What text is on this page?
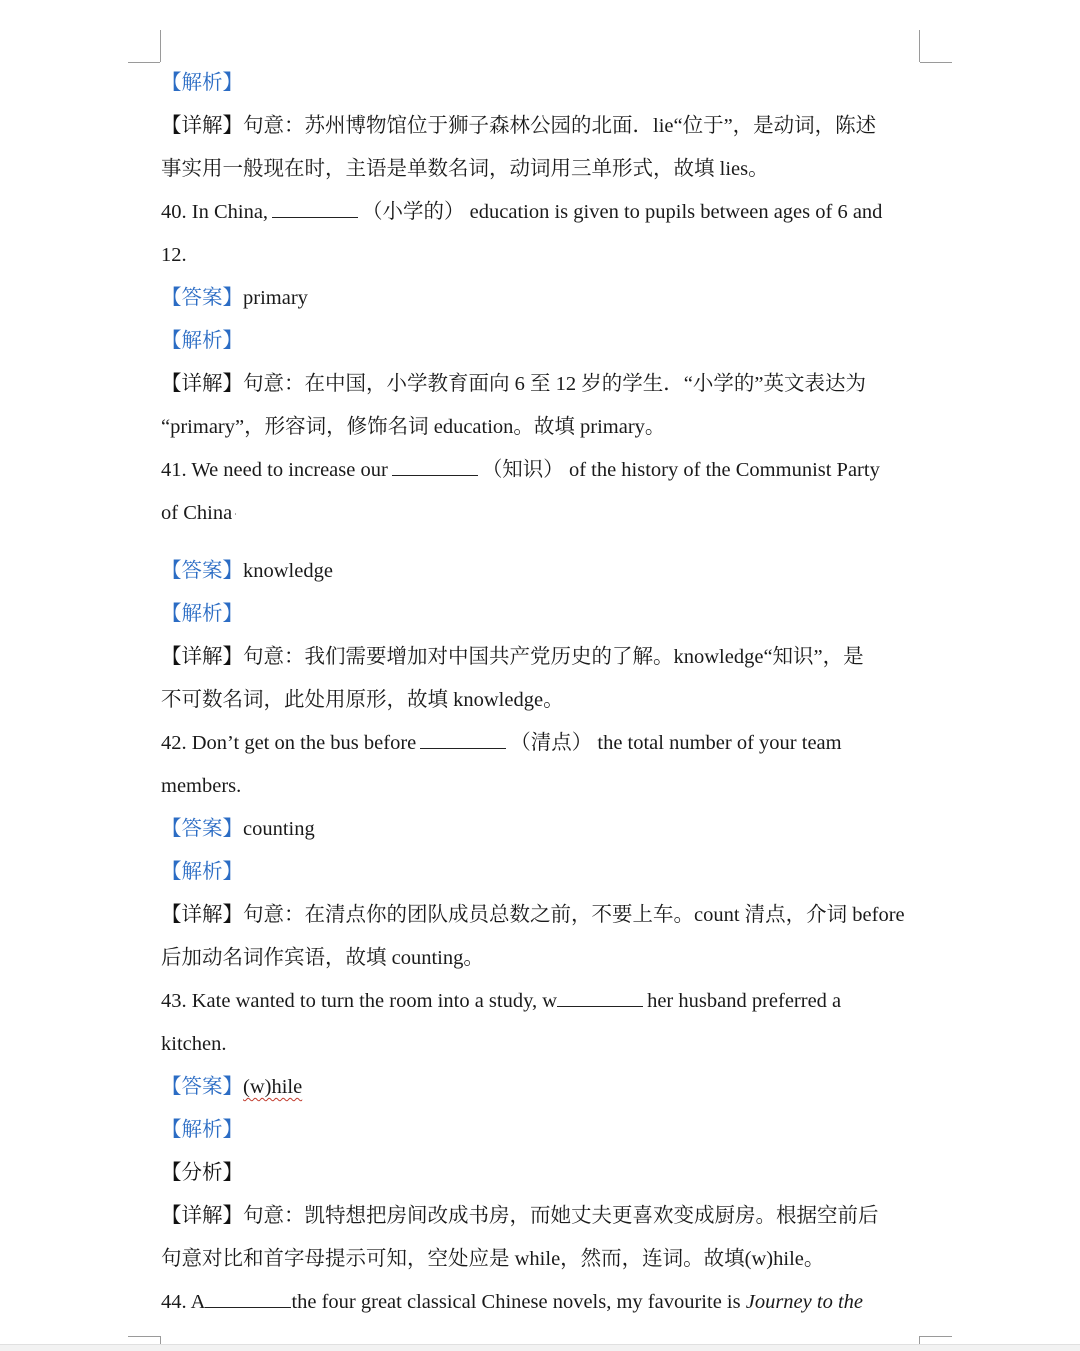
【解析】
【详解】句意：苏州博物馆位于狮子森林公园的北面．lie“位于”，是动词，陈述
事实用一般现在时，主语是单数名词，动词用三单形式，故填 lies。
40. In China,	（小学的） education is given to pupils between ages of 6 and
12.
【答案】primary
【解析】
【详解】句意：在中国，小学教育面向 6 至 12 岁的学生．“小学的”英文表达为
“primary”，形容词，修饰名词 education。故填 primary。
41. We need to increase our	（知识） of the history of the Communist Party
of China ·
【答案】knowledge
【解析】
【详解】句意：我们需要增加对中国共产党历史的了解。knowledge“知识”，是
不可数名词，此处用原形，故填 knowledge。
42. Don’t get on the bus before	（清点） the total number of your team
members.
【答案】counting
【解析】
【详解】句意：在清点你的团队成员总数之前，不要上车。count 清点，介词 before
后加动名词作宾语，故填 counting。
43. Kate wanted to turn the room into a study, w	her husband preferred a
kitchen.
【答案】(w)hile
【解析】
【分析】
【详解】句意：凯特想把房间改成书房，而她丈夫更喜欢变成厨房。根据空前后
句意对比和首字母提示可知，空处应是 while，然而，连词。故填(w)hile。
44. A	the four great classical Chinese novels, my favourite is Journey to the
